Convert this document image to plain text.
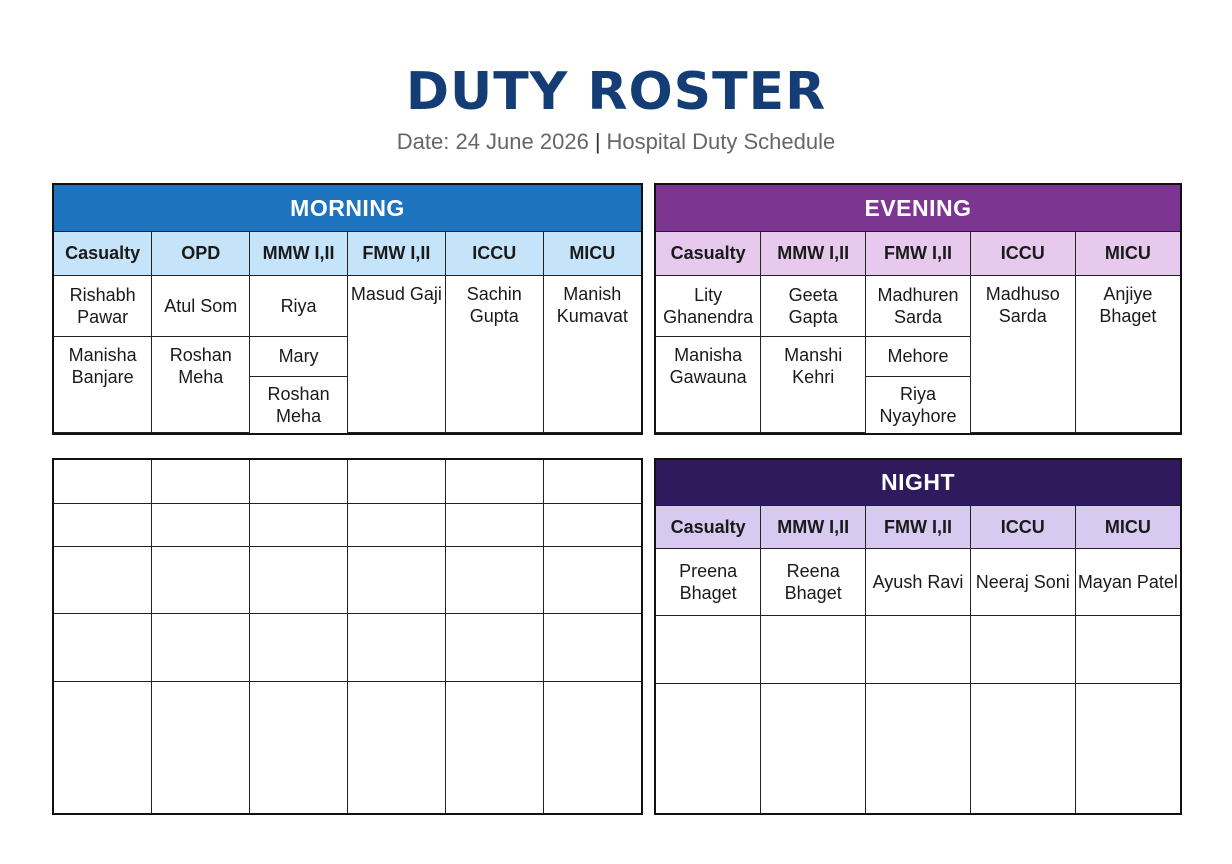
DUTY ROSTER
Date: 24 June 2026 | Hospital Duty Schedule
MORNING					
Casualty	OPD	MMW I,II	FMW I,II	ICCU	MICU
Rishabh Pawar	Atul Som	Riya	Masud Gaji	Sachin Gupta	Manish Kumavat
Manisha Banjare	Roshan Meha	Mary			
		Roshan Meha			
EVENING				
Casualty	MMW I,II	FMW I,II	ICCU	MICU
Lity Ghanendra	Geeta Gapta	Madhuren Sarda	Madhuso Sarda	Anjiye Bhaget
Manisha Gawauna	Manshi Kehri	Mehore		
		Riya Nyayhore		

NIGHT				
Casualty	MMW I,II	FMW I,II	ICCU	MICU
Preena Bhaget	Reena Bhaget	Ayush Ravi	Neeraj Soni	Mayan Patel
